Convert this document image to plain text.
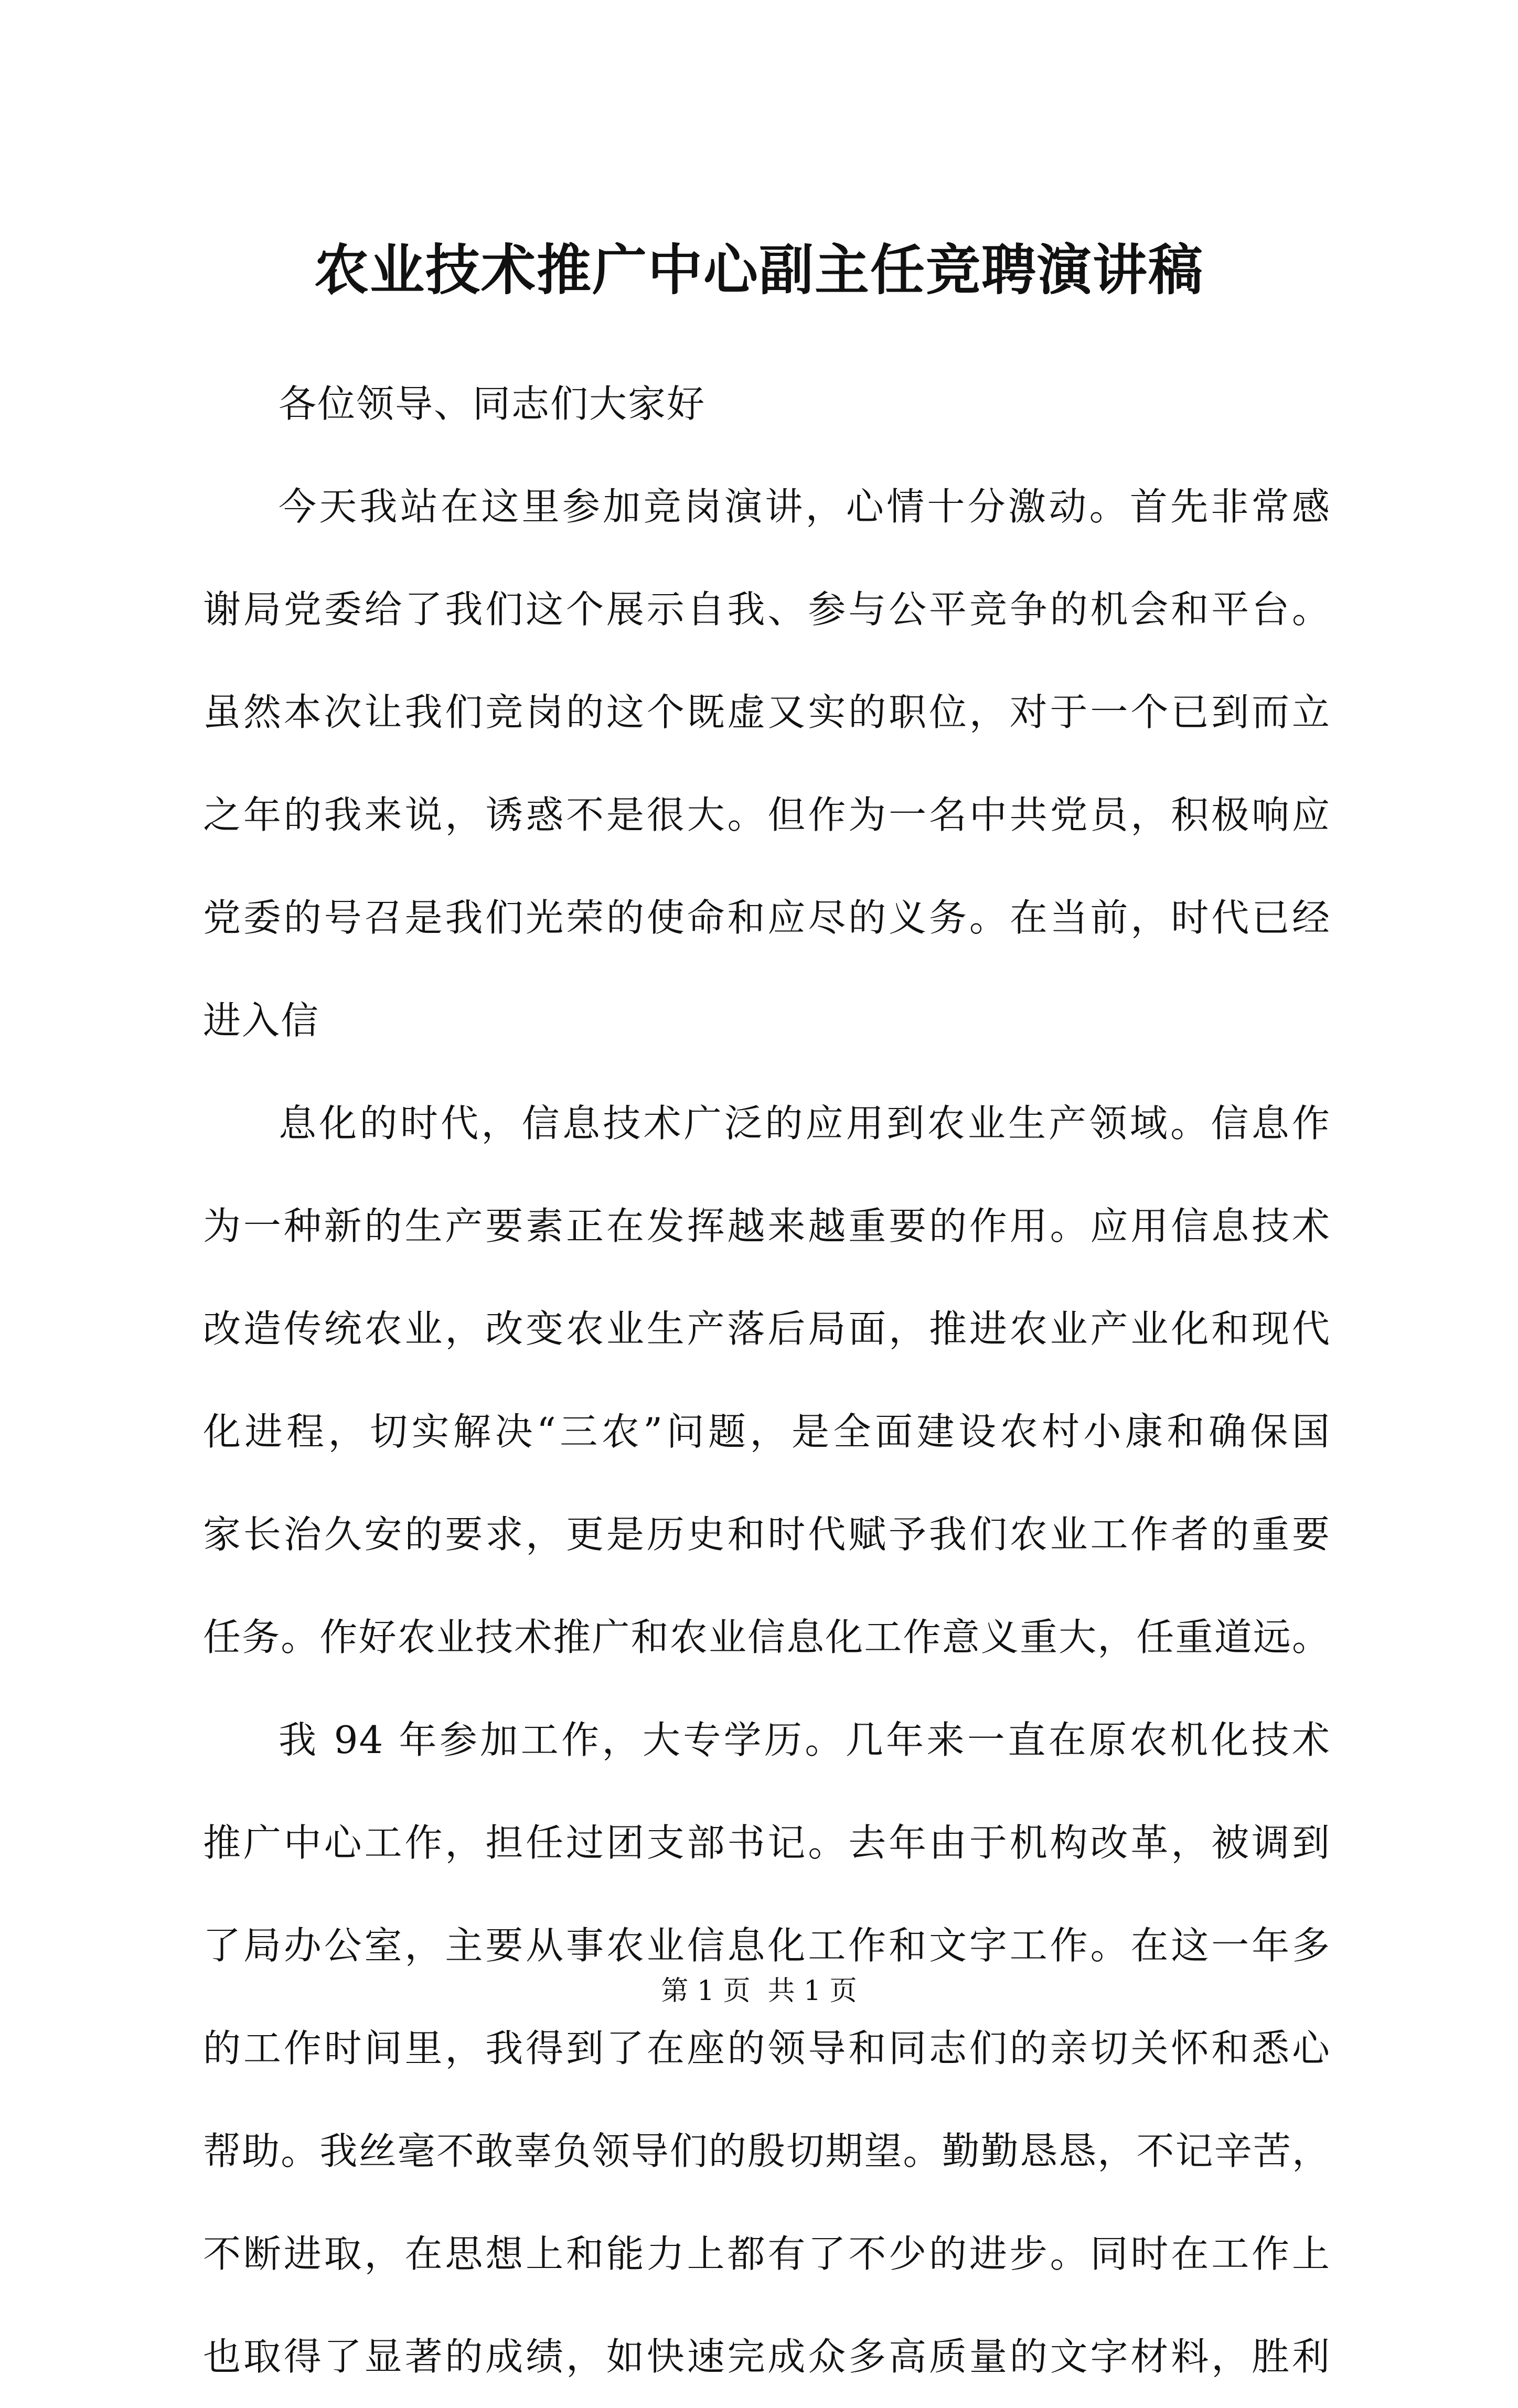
农业技术推广中心副主任竞聘演讲稿
各位领导、同志们大家好
今天我站在这里参加竞岗演讲，心情十分激动。首先非常感
谢局党委给了我们这个展示自我、参与公平竞争的机会和平台。
虽然本次让我们竞岗的这个既虚又实的职位，对于一个已到而立
之年的我来说，诱惑不是很大。但作为一名中共党员，积极响应
党委的号召是我们光荣的使命和应尽的义务。在当前，时代已经
进入信
息化的时代，信息技术广泛的应用到农业生产领域。信息作
为一种新的生产要素正在发挥越来越重要的作用。应用信息技术
改造传统农业，改变农业生产落后局面，推进农业产业化和现代
化进程，切实解决“三农”问题，是全面建设农村小康和确保国
家长治久安的要求，更是历史和时代赋予我们农业工作者的重要
任务。作好农业技术推广和农业信息化工作意义重大，任重道远。
我 94 年参加工作，大专学历。几年来一直在原农机化技术
推广中心工作，担任过团支部书记。去年由于机构改革，被调到
了局办公室，主要从事农业信息化工作和文字工作。在这一年多
的工作时间里，我得到了在座的领导和同志们的亲切关怀和悉心
帮助。我丝毫不敢辜负领导们的殷切期望。勤勤恳恳，不记辛苦，
不断进取，在思想上和能力上都有了不少的进步。同时在工作上
也取得了显著的成绩，如快速完成众多高质量的文字材料，胜利
第 1 页  共 1 页
